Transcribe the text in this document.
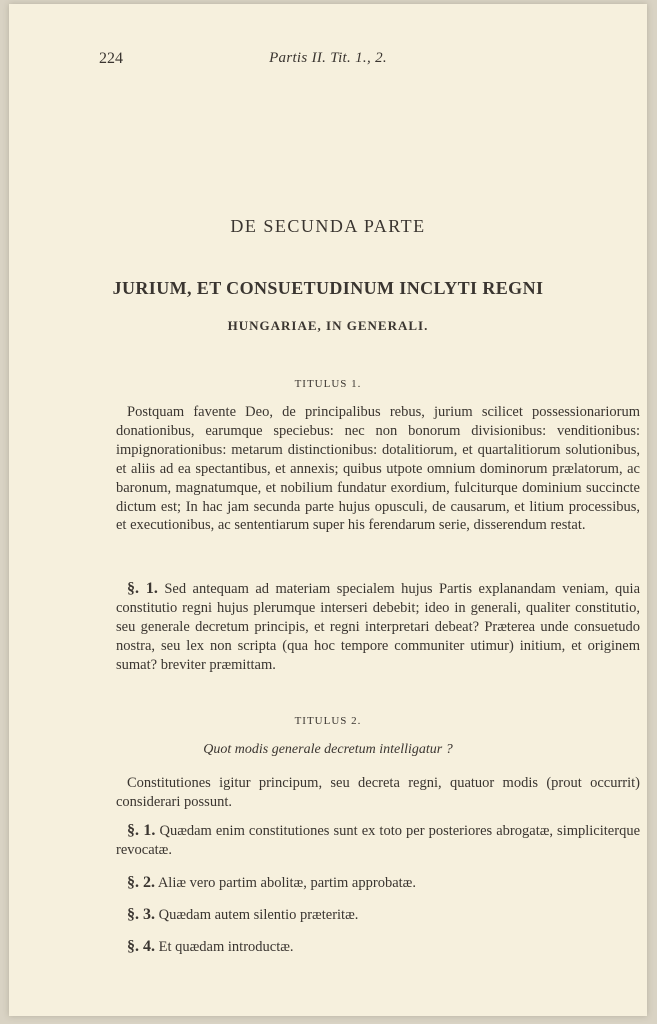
224	Partis II. Tit. 1., 2.
DE SECUNDA PARTE
JURIUM, ET CONSUETUDINUM INCLYTI REGNI
HUNGARIAE, IN GENERALI.
TITULUS 1.

Postquam favente Deo, de principalibus rebus, jurium scilicet possessionariorum donationibus, earumque speciebus: nec non bonorum divisionibus: venditionibus: impignorationibus: metarum distinctionibus: dotalitiorum, et quartalitiorum solutionibus, et aliis ad ea spectantibus, et annexis; quibus utpote omnium dominorum prælatorum, ac baronum, magnatumque, et nobilium fundatur exordium, fulciturque dominium succincte dictum est; In hac jam secunda parte hujus opusculi, de causarum, et litium processibus, et executionibus, ac sententiarum super his ferendarum serie, disserendum restat.

§. 1. Sed antequam ad materiam specialem hujus Partis explanandam veniam, quia constitutio regni hujus plerumque interseri debebit; ideo in generali, qualiter constitutio, seu generale decretum principis, et regni interpretari debeat? Præterea unde consuetudo nostra, seu lex non scripta (qua hoc tempore communiter utimur) initium, et originem sumat? breviter præmittam.

TITULUS 2.
Quot modis generale decretum intelligatur ?

Constitutiones igitur principum, seu decreta regni, quatuor modis (prout occurrit) considerari possunt.

§. 1. Quædam enim constitutiones sunt ex toto per posteriores abrogatæ, simpliciterque revocatæ.

§. 2. Aliæ vero partim abolitæ, partim approbatæ.

§. 3. Quædam autem silentio præteritæ.

§. 4. Et quædam introductæ.
